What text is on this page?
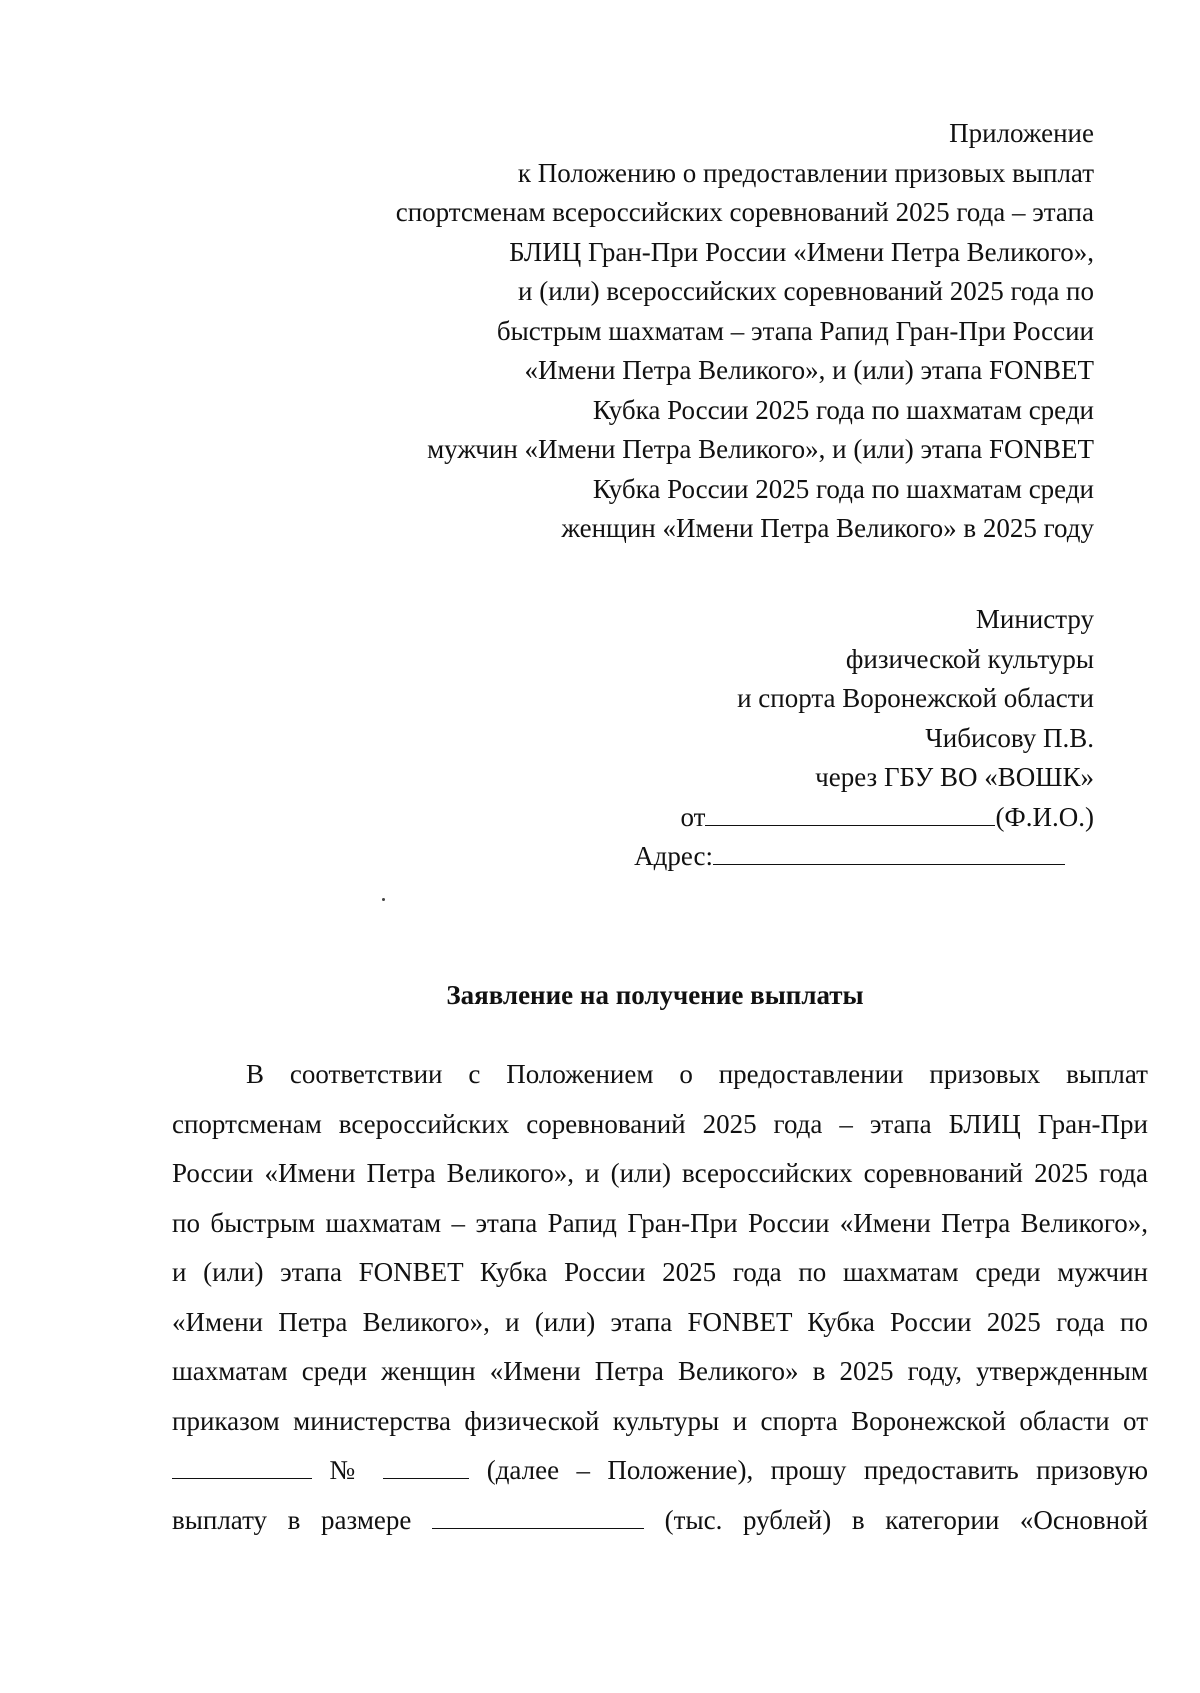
Приложение
к Положению о предоставлении призовых выплат
спортсменам всероссийских соревнований 2025 года – этапа
БЛИЦ Гран-При России «Имени Петра Великого»,
и (или) всероссийских соревнований 2025 года по
быстрым шахматам – этапа Рапид Гран-При России
«Имени Петра Великого», и (или) этапа FONBET
Кубка России 2025 года по шахматам среди
мужчин «Имени Петра Великого», и (или) этапа FONBET
Кубка России 2025 года по шахматам среди
женщин «Имени Петра Великого» в 2025 году
Министру
физической культуры
и спорта Воронежской области
Чибисову П.В.
через ГБУ ВО «ВОШК»
от	(Ф.И.О.)
Адрес:
Заявление на получение выплаты
В соответствии с Положением о предоставлении призовых выплат
спортсменам всероссийских соревнований 2025 года – этапа БЛИЦ Гран-При
России «Имени Петра Великого», и (или) всероссийских соревнований 2025 года
по быстрым шахматам – этапа Рапид Гран-При России «Имени Петра Великого»,
и (или) этапа FONBET Кубка России 2025 года по шахматам среди мужчин
«Имени Петра Великого», и (или) этапа FONBET Кубка России 2025 года по
шахматам среди женщин «Имени Петра Великого» в 2025 году, утвержденным
приказом министерства физической культуры и спорта Воронежской области от
№	(далее – Положение), прошу предоставить призовую
выплату в размере	(тыс. рублей) в категории «Основной
